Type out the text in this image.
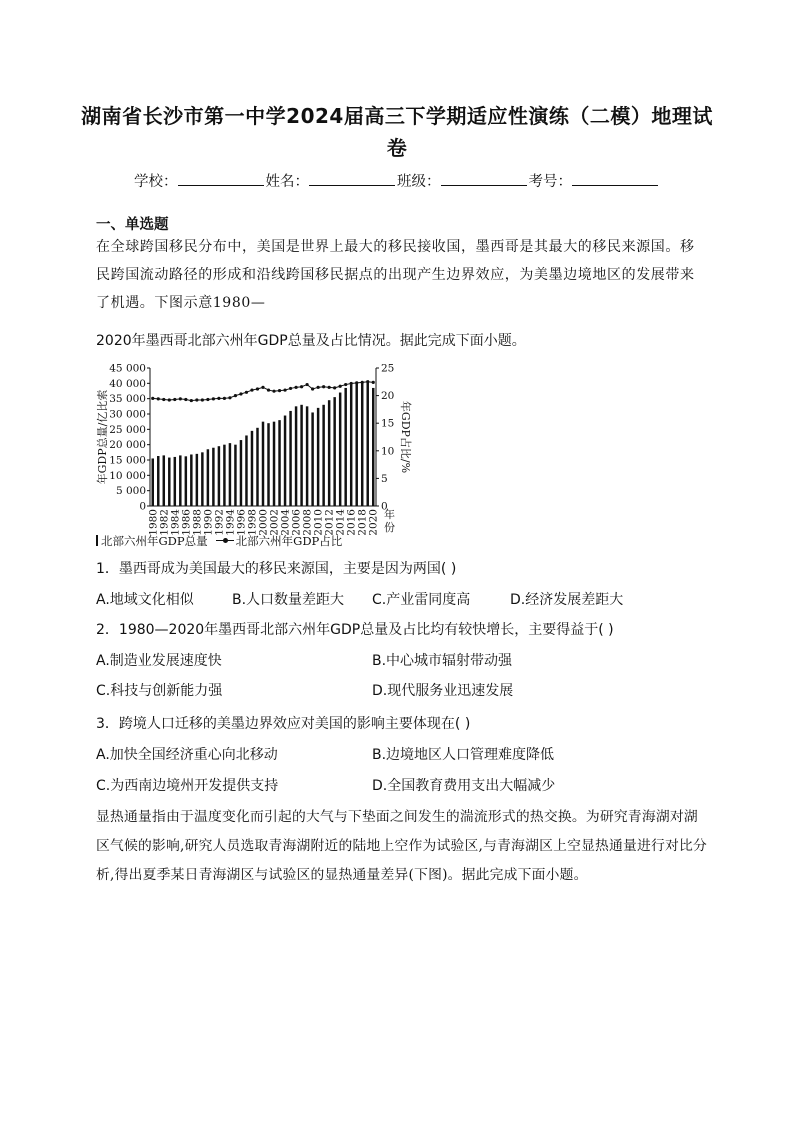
湖南省长沙市第一中学2024届高三下学期适应性演练（二模）地理试
卷
学校：	姓名：	班级：	考号：
一、单选题

在全球跨国移民分布中，美国是世界上最大的移民接收国，墨西哥是其最大的移民来源国。移民跨国流动路径的形成和沿线跨国移民据点的出现产生边界效应，为美墨边境地区的发展带来了机遇。下图示意1980—

2020年墨西哥北部六州年GDP总量及占比情况。据此完成下面小题。
0
5 000
10 000
15 000
20 000
25 000
30 000
35 000
40 000
45 000
0
5
10
15
20
25
1980 1982 1984 1986 1988 1990 1992 1994 1996 1998 2000 2002 2004 2006 2008 2010 2012 2014 2016 2018 2020
年GDP总量/亿比索	年GDP占比/%
年份
北部六州年GDP总量 北部六州年GDP占比
1．墨西哥成为美国最大的移民来源国，主要是因为两国( )
A.地域文化相似	B.人口数量差距大 C.产业雷同度高	D.经济发展差距大
2．1980—2020年墨西哥北部六州年GDP总量及占比均有较快增长，主要得益于( )
A.制造业发展速度快	B.中心城市辐射带动强
C.科技与创新能力强	D.现代服务业迅速发展
3．跨境人口迁移的美墨边界效应对美国的影响主要体现在( )
A.加快全国经济重心向北移动	B.边境地区人口管理难度降低
C.为西南边境州开发提供支持	D.全国教育费用支出大幅减少

显热通量指由于温度变化而引起的大气与下垫面之间发生的湍流形式的热交换。为研究青海湖对湖区气候的影响,研究人员选取青海湖附近的陆地上空作为试验区,与青海湖区上空显热通量进行对比分析,得出夏季某日青海湖区与试验区的显热通量差异(下图)。据此完成下面小题。
